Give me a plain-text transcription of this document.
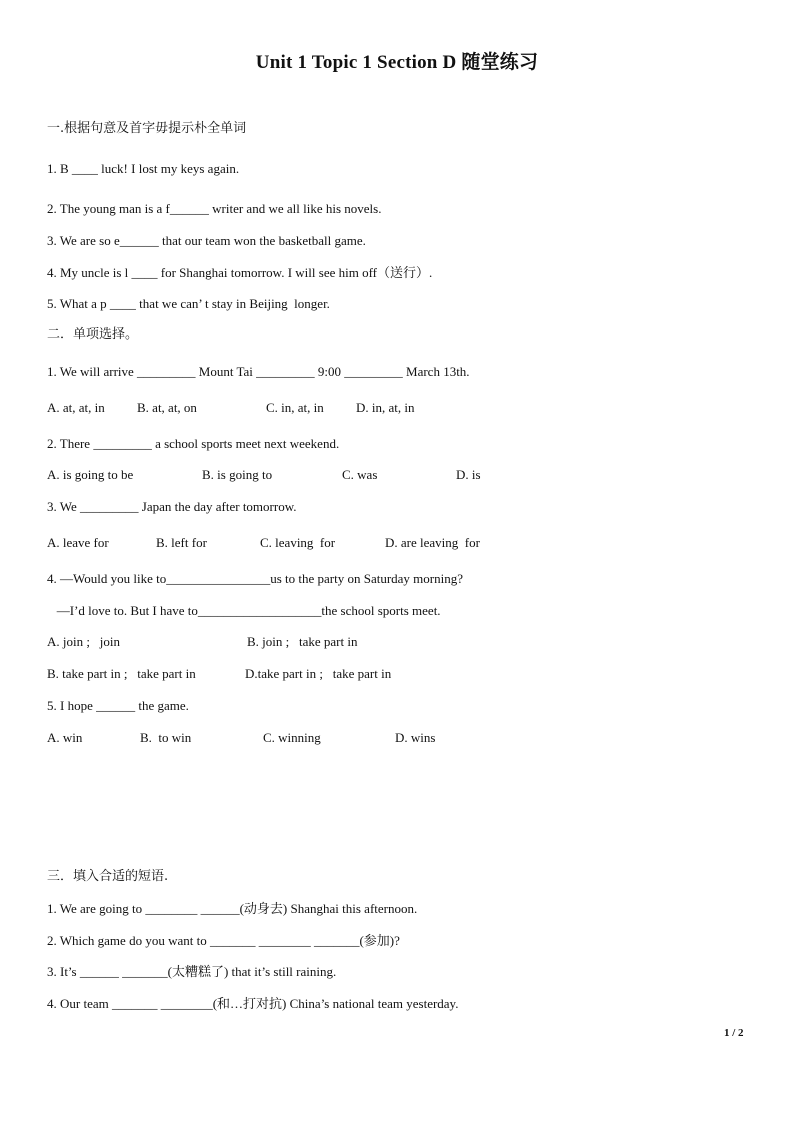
Unit 1 Topic 1 Section D 随堂练习
一.根据句意及首字毋提示朴全单词
1. B ____ luck! I lost my keys again.
2. The young man is a f______ writer and we all like his novels.
3. We are so e______ that our team won the basketball game.
4. My uncle is l ____ for Shanghai tomorrow. I will see him off（送行）.
5. What a p ____ that we can’ t stay in Beijing  longer.
二．单项选择。
1. We will arrive _________ Mount Tai _________ 9:00 _________ March 13th.
A. at, at, in B. at, at, on	C. in, at, in D. in, at, in
2. There _________ a school sports meet next weekend.
A. is going to be	B. is going to	C. was	D. is
3. We _________ Japan the day after tomorrow.
A. leave for	B. left for	C. leaving  for	D. are leaving  for
4. —Would you like to________________us to the party on Saturday morning?
—I’d love to. But I have to___________________the school sports meet.
A. join ;   join	B. join ;   take part in
B. take part in ;   take part in	D.take part in ;   take part in
5. I hope ______ the game.
A. win	B.  to win	C. winning	D. wins
三．填入合适的短语.
1. We are going to ________ ______(动身去) Shanghai this afternoon.
2. Which game do you want to _______ ________ _______(参加)?
3. It’s ______ _______(太糟糕了) that it’s still raining.
4. Our team _______ ________(和…打对抗) China’s national team yesterday.
1 / 2
